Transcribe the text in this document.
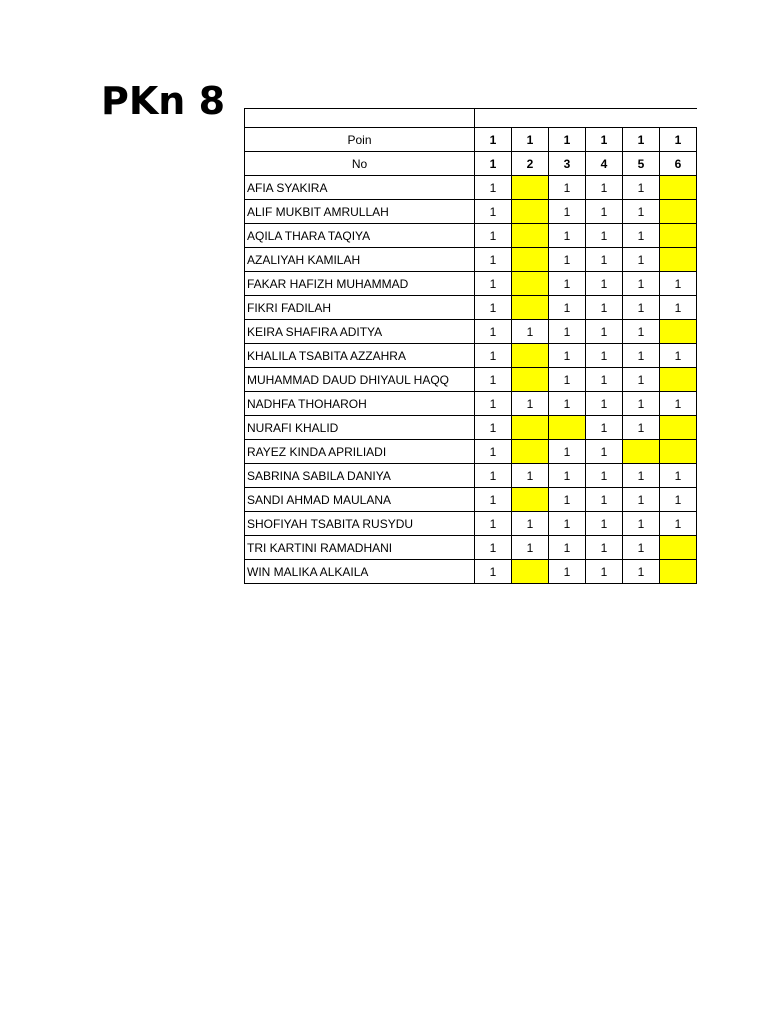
PKn 8

Poin	1	1	1	1	1	1
No	1	2	3	4	5	6
AFIA SYAKIRA	1		1	1	1	
ALIF MUKBIT AMRULLAH	1		1	1	1	
AQILA THARA TAQIYA	1		1	1	1	
AZALIYAH KAMILAH	1		1	1	1	
FAKAR HAFIZH MUHAMMAD	1		1	1	1	1
FIKRI FADILAH	1		1	1	1	1
KEIRA SHAFIRA ADITYA	1	1	1	1	1	
KHALILA TSABITA AZZAHRA	1		1	1	1	1
MUHAMMAD DAUD DHIYAUL HAQQ	1		1	1	1	
NADHFA THOHAROH	1	1	1	1	1	1
NURAFI KHALID	1			1	1	
RAYEZ KINDA APRILIADI	1		1	1		
SABRINA SABILA DANIYA	1	1	1	1	1	1
SANDI AHMAD MAULANA	1		1	1	1	1
SHOFIYAH TSABITA RUSYDU	1	1	1	1	1	1
TRI KARTINI RAMADHANI	1	1	1	1	1	
WIN MALIKA ALKAILA	1		1	1	1	
